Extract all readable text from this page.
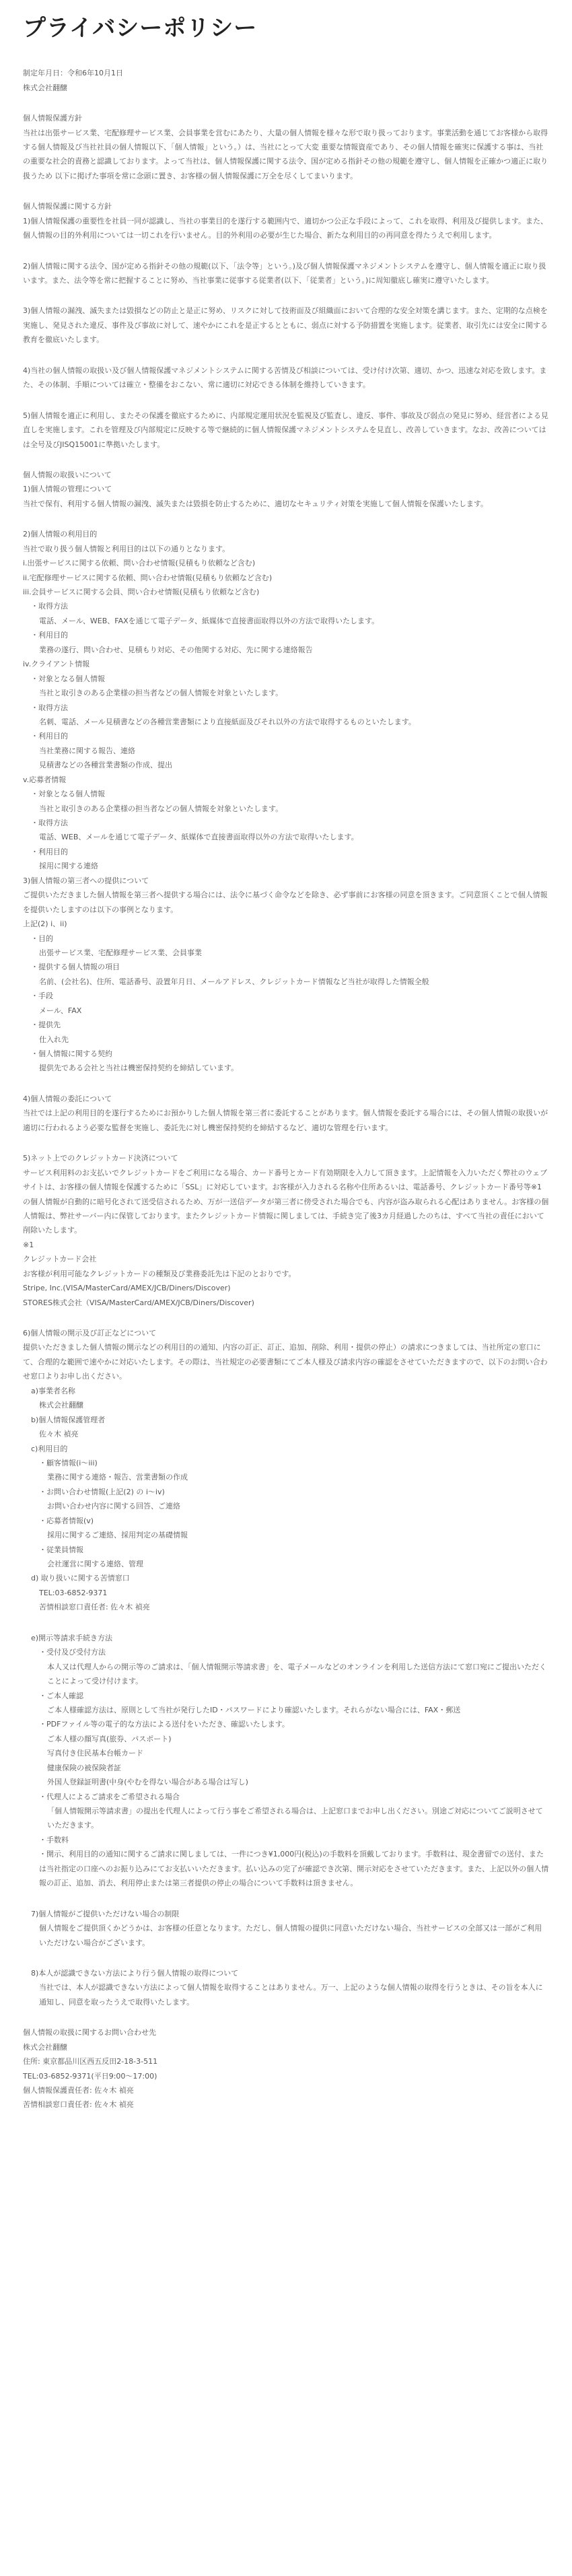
プライバシーポリシー

制定年月日：令和6年10月1日

株式会社翻醸

個人情報保護方針

当社は出張サービス業、宅配修理サービス業、会員事業を営むにあたり、大量の個人情報を様々な形で取り扱っております。事業活動を通じてお客様から取得する個人情報及び当社社員の個人情報以下、「個人情報」という。）は、当社にとって大変 重要な情報資産であり、その個人情報を確実に保護する事は、当社の重要な社会的責務と認識しております。よって当社は、個人情報保護に関する法令、国が定める指針その他の規範を遵守し、個人情報を正確かつ適正に取り扱うため 以下に掲げた事項を常に念頭に置き、お客様の個人情報保護に万全を尽くしてまいります。

個人情報保護に関する方針

1)個人情報保護の重要性を社員一同が認識し、当社の事業目的を遂行する範囲内で、適切かつ公正な手段によって、これを取得、利用及び提供します。また、個人情報の目的外利用については一切これを行いません。目的外利用の必要が生じた場合、新たな利用目的の再同意を得たうえで利用します。

2)個人情報に関する法令、国が定める指針その他の規範(以下、「法令等」という。)及び個人情報保護マネジメントシステムを遵守し、個人情報を適正に取り扱います。また、法令等を常に把握することに努め、当社事業に従事する従業者(以下、「従業者」という。)に周知徹底し確実に遵守いたします。

3)個人情報の漏洩、滅失または毀損などの防止と是正に努め、リスクに対して技術面及び組織面において合理的な安全対策を講じます。また、定期的な点検を実施し、発見された違反、事件及び事故に対して、速やかにこれを是正するとともに、弱点に対する予防措置を実施します。従業者、取引先には安全に関する教育を徹底いたします。

4)当社の個人情報の取扱い及び個人情報保護マネジメントシステムに関する苦情及び相談については、受け付け次第、適切、かつ、迅速な対応を致します。また、その体制、手順については確立・整備をおこない、常に適切に対応できる体制を維持していきます。

5)個人情報を適正に利用し、またその保護を徹底するために、内部規定運用状況を監視及び監査し、違反、事件、事故及び弱点の発見に努め、経営者による見直しを実施します。これを管理及び内部規定に反映する等で継続的に個人情報保護マネジメントシステムを見直し、改善していきます。なお、改善についてはは全号及びJISQ15001に準拠いたします。

個人情報の取扱いについて

1)個人情報の管理について

当社で保有、利用する個人情報の漏洩、滅失または毀損を防止するために、適切なセキュリティ対策を実施して個人情報を保護いたします。

2)個人情報の利用目的

当社で取り扱う個人情報と利用目的は以下の通りとなります。

i.出張サービスに関する依頼、問い合わせ情報(見積もり依頼など含む)

ii.宅配修理サービスに関する依頼、問い合わせ情報(見積もり依頼など含む)

iii.会員サービスに関する会員、問い合わせ情報(見積もり依頼など含む)

・取得方法

電話、メール、WEB、FAXを通じて電子データ、紙媒体で直接書面取得以外の方法で取得いたします。

・利用目的

業務の遂行、問い合わせ、見積もり対応、その他関する対応、先に関する連絡報告

iv.クライアント情報

・対象となる個人情報

当社と取引きのある企業様の担当者などの個人情報を対象といたします。

・取得方法

名刺、電話、メール見積書などの各種営業書類により直接紙面及びそれ以外の方法で取得するものといたします。

・利用目的

当社業務に関する報告、連絡

見積書などの各種営業書類の作成、提出

v.応募者情報

・対象となる個人情報

当社と取引きのある企業様の担当者などの個人情報を対象といたします。

・取得方法

電話、WEB、メールを通じて電子データ、紙媒体で直接書面取得以外の方法で取得いたします。

・利用目的

採用に関する連絡

3)個人情報の第三者への提供について

ご提供いただきました個人情報を第三者へ提供する場合には、法令に基づく命令などを除き、必ず事前にお客様の同意を頂きます。ご同意頂くことで個人情報を提供いたしますのは以下の事例となります。

上記(2) i、ii)

・目的

出張サービス業、宅配修理サービス業、会員事業

・提供する個人情報の項目

名前、(会社名)、住所、電話番号、設置年月日、メールアドレス、クレジットカード情報など当社が取得した情報全般

・手段

メール、FAX

・提供先

仕入れ先

・個人情報に関する契約

提供先である会社と当社は機密保持契約を締結しています。

4)個人情報の委託について

当社では上記の利用目的を遂行するためにお預かりした個人情報を第三者に委託することがあります。個人情報を委託する場合には、その個人情報の取扱いが適切に行われるよう必要な監督を実施し、委託先に対し機密保持契約を締結するなど、適切な管理を行います。

5)ネット上でのクレジットカード決済について

サービス利用料のお支払いでクレジットカードをご利用になる場合、カード番号とカード有効期限を入力して頂きます。上記情報を入力いただく弊社のウェブサイトは、お客様の個人情報を保護するために「SSL」に対応しています。お客様が入力される名称や住所あるいは、電話番号、クレジットカード番号等※1の個人情報が自動的に暗号化されて送受信されるため、万が一送信データが第三者に傍受された場合でも、内容が盗み取られる心配はありません。お客様の個人情報は、弊社サーバー内に保管しております。またクレジットカード情報に関しましては、手続き完了後3カ月経過したのちは、すべて当社の責任において削除いたします。

※1

クレジットカード会社

お客様が利用可能なクレジットカードの種類及び業務委託先は下記のとおりです。

Stripe, Inc.(VISA/MasterCard/AMEX/JCB/Diners/Discover)

STORES株式会社（VISA/MasterCard/AMEX/JCB/Diners/Discover)

6)個人情報の開示及び訂正などについて

提供いただきました個人情報の開示などの利用目的の通知、内容の訂正、訂正、追加、削除、利用・提供の停止）の請求につきましては、当社所定の窓口にて、合理的な範囲で速やかに対応いたします。その際は、当社規定の必要書類にてご本人様及び請求内容の確認をさせていただきますので、以下のお問い合わせ窓口よりお申し出ください。

a)事業者名称

株式会社翻醸

b)個人情報保護管理者

佐々木 禎亮

c)利用目的

・顧客情報(i〜iii)

業務に関する連絡・報告、営業書類の作成

・お問い合わせ情報(上記(2) の i〜iv)

お問い合わせ内容に関する回答、ご連絡

・応募者情報(v)

採用に関するご連絡、採用判定の基礎情報

・従業員情報

会社運営に関する連絡、管理

d) 取り扱いに関する苦情窓口

TEL:03-6852-9371

苦情相談窓口責任者: 佐々木 禎亮

e)開示等請求手続き方法

・受付及び受付方法

本人又は代理人からの開示等のご請求は、「個人情報開示等請求書」を、電子メールなどのオンラインを利用した送信方法にて窓口宛にご提出いただくことによって受け付けます。

・ご本人確認

ご本人様確認方法は、原則として当社が発行したID・パスワードにより確認いたします。それらがない場合には、FAX・郵送

・PDFファイル等の電子的な方法による送付をいただき、確認いたします。

ご本人様の顔写真(旅券、パスポート)

写真付き住民基本台帳カード

健康保険の被保険者証

外国人登録証明書(中身(やむを得ない場合がある場合は写し)

・代理人によるご請求をご希望される場合

「個人情報開示等請求書」の提出を代理人によって行う事をご希望される場合は、上記窓口までお申し出ください。別途ご対応についてご説明させていただきます。

・手数料

・開示、利用目的の通知に関するご請求に関しましては、一件につき¥1,000円(税込)の手数料を頂戴しております。手数料は、現金書留での送付、または当社指定の口座へのお振り込みにてお支払いいただきます。払い込みの完了が確認でき次第、開示対応をさせていただきます。また、上記以外の個人情報の訂正、追加、消去、利用停止または第三者提供の停止の場合について手数料は頂きません。

7)個人情報がご提供いただけない場合の制限

個人情報をご提供頂くかどうかは、お客様の任意となります。ただし、個人情報の提供に同意いただけない場合、当社サービスの全部又は一部がご利用いただけない場合がございます。

8)本人が認識できない方法により行う個人情報の取得について

当社では、本人が認識できない方法によって個人情報を取得することはありません。万一、上記のような個人情報の取得を行うときは、その旨を本人に通知し、同意を取ったうえで取得いたします。

個人情報の取扱に関するお問い合わせ先

株式会社翻醸

住所: 東京都品川区西五反田2-18-3-511

TEL:03-6852-9371(平日9:00〜17:00)

個人情報保護責任者: 佐々木 禎亮

苦情相談窓口責任者: 佐々木 禎亮
